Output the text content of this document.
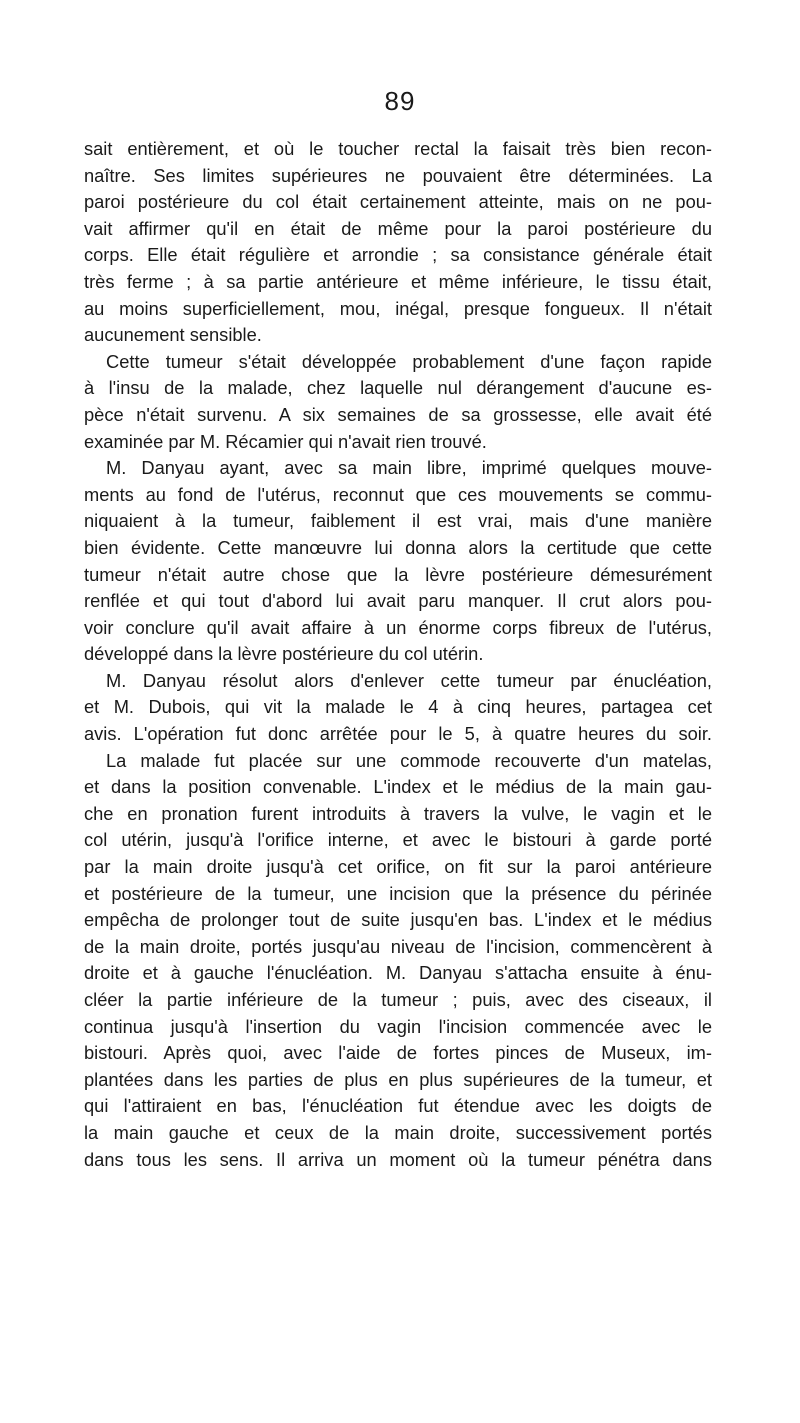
89
sait entièrement, et où le toucher rectal la faisait très bien recon-
naître. Ses limites supérieures ne pouvaient être déterminées. La
paroi postérieure du col était certainement atteinte, mais on ne pou-
vait affirmer qu'il en était de même pour la paroi postérieure du
corps. Elle était régulière et arrondie ; sa consistance générale était
très ferme ; à sa partie antérieure et même inférieure, le tissu était,
au moins superficiellement, mou, inégal, presque fongueux. Il n'était
aucunement sensible.
Cette tumeur s'était développée probablement d'une façon rapide
à l'insu de la malade, chez laquelle nul dérangement d'aucune es-
pèce n'était survenu. A six semaines de sa grossesse, elle avait été
examinée par M. Récamier qui n'avait rien trouvé.
M. Danyau ayant, avec sa main libre, imprimé quelques mouve-
ments au fond de l'utérus, reconnut que ces mouvements se commu-
niquaient à la tumeur, faiblement il est vrai, mais d'une manière
bien évidente. Cette manœuvre lui donna alors la certitude que cette
tumeur n'était autre chose que la lèvre postérieure démesurément
renflée et qui tout d'abord lui avait paru manquer. Il crut alors pou-
voir conclure qu'il avait affaire à un énorme corps fibreux de l'utérus,
développé dans la lèvre postérieure du col utérin.
M. Danyau résolut alors d'enlever cette tumeur par énucléation,
et M. Dubois, qui vit la malade le 4 à cinq heures, partagea cet
avis. L'opération fut donc arrêtée pour le 5, à quatre heures du soir.
La malade fut placée sur une commode recouverte d'un matelas,
et dans la position convenable. L'index et le médius de la main gau-
che en pronation furent introduits à travers la vulve, le vagin et le
col utérin, jusqu'à l'orifice interne, et avec le bistouri à garde porté
par la main droite jusqu'à cet orifice, on fit sur la paroi antérieure
et postérieure de la tumeur, une incision que la présence du périnée
empêcha de prolonger tout de suite jusqu'en bas. L'index et le médius
de la main droite, portés jusqu'au niveau de l'incision, commencèrent à
droite et à gauche l'énucléation. M. Danyau s'attacha ensuite à énu-
cléer la partie inférieure de la tumeur ; puis, avec des ciseaux, il
continua jusqu'à l'insertion du vagin l'incision commencée avec le
bistouri. Après quoi, avec l'aide de fortes pinces de Museux, im-
plantées dans les parties de plus en plus supérieures de la tumeur, et
qui l'attiraient en bas, l'énucléation fut étendue avec les doigts de
la main gauche et ceux de la main droite, successivement portés
dans tous les sens. Il arriva un moment où la tumeur pénétra dans
